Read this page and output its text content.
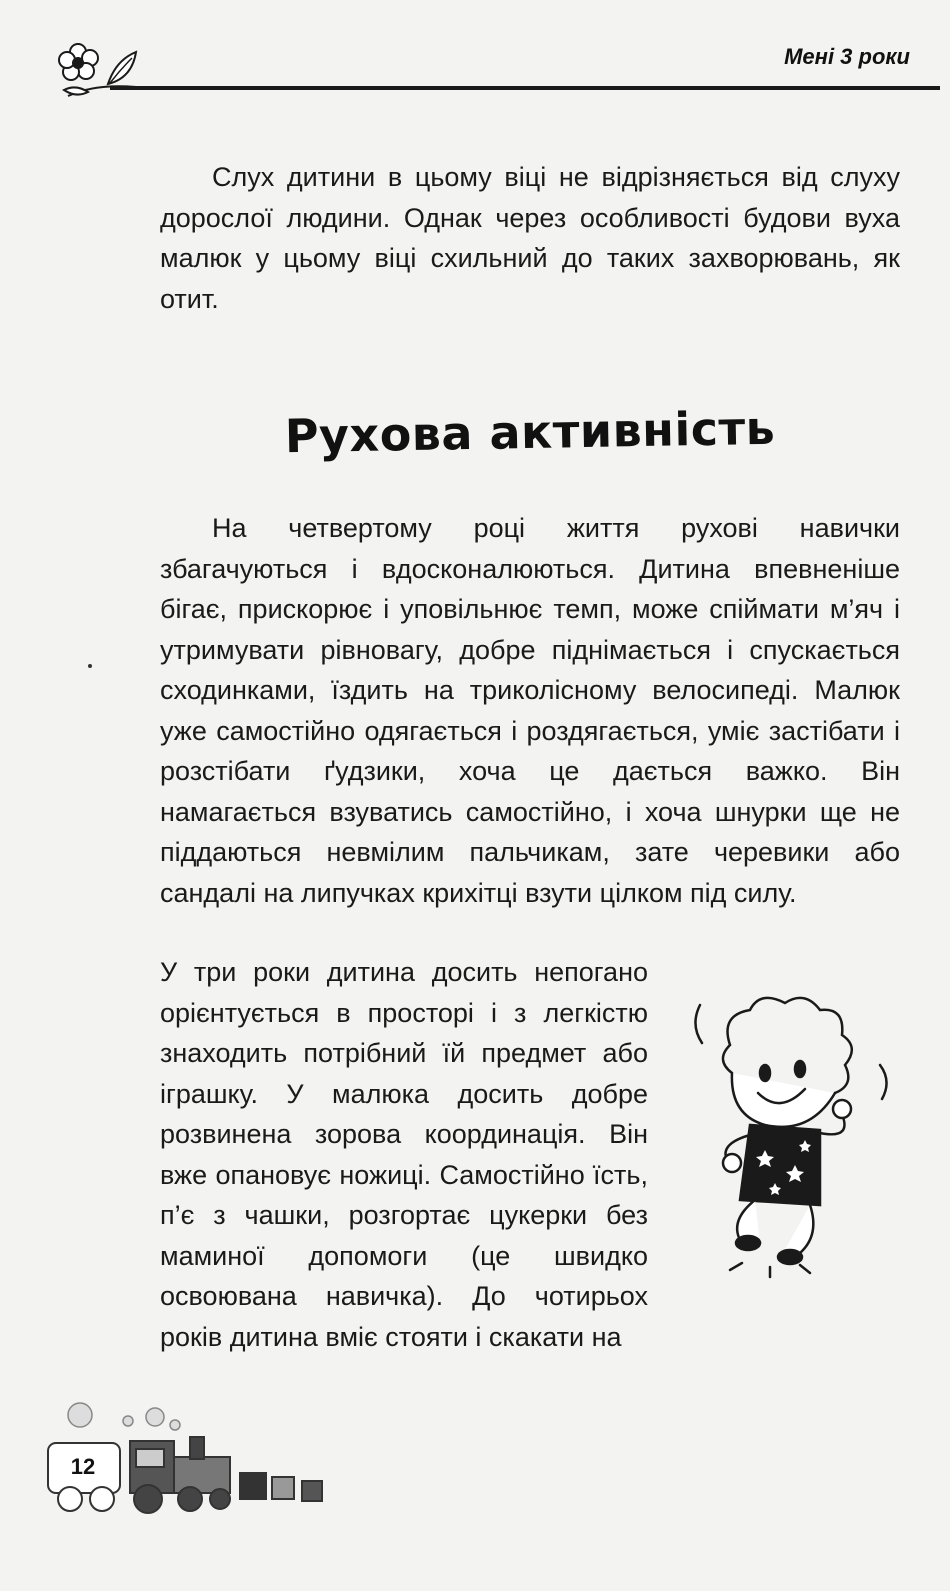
Мені 3 роки
Слух дитини в цьому віці не відрізняється від слуху дорослої людини. Однак через особливості будови вуха малюк у цьому віці схильний до таких захворювань, як отит.
Рухова активність
На четвертому році життя рухові навички збагачуються і вдосконалюються. Дитина впевненіше бігає, прискорює і уповільнює темп, може спіймати м’яч і утримувати рівновагу, добре піднімається і спускається сходинками, їздить на триколісному велосипеді. Малюк уже самостійно одягається і роздягається, уміє застібати і розстібати ґудзики, хоча це дається важко. Він намагається взуватись самостійно, і хоча шнурки ще не піддаються невмілим пальчикам, зате черевики або сандалі на липучках крихітці взути цілком під силу.
У три роки дитина досить непогано орієнтується в просторі і з легкістю знаходить потрібний їй предмет або іграшку. У малюка досить добре розвинена зорова координація. Він вже опановує ножиці. Самостійно їсть, п’є з чашки, розгортає цукерки без маминої допомоги (це швидко освоювана навичка). До чотирьох років дитина вміє стояти і скакати на
12
